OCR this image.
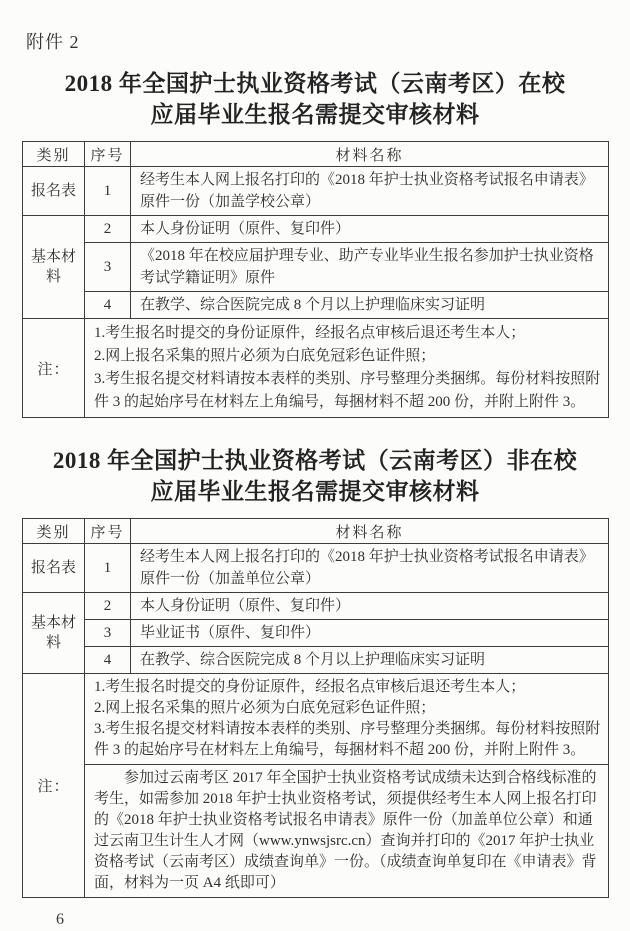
附件 2
2018 年全国护士执业资格考试（云南考区）在校
应届毕业生报名需提交审核材料
类别	序号	材料名称
报名表	1	经考生本人网上报名打印的《2018 年护士执业资格考试报名申请表》原件一份（加盖学校公章）
基本材料	2	本人身份证明（原件、复印件）
	3	《2018 年在校应届护理专业、助产专业毕业生报名参加护士执业资格考试学籍证明》原件
	4	在教学、综合医院完成 8 个月以上护理临床实习证明
注：	1.考生报名时提交的身份证原件，经报名点审核后退还考生本人；
2.网上报名采集的照片必须为白底免冠彩色证件照；
3.考生报名提交材料请按本表样的类别、序号整理分类捆绑。每份材料按照附件 3 的起始序号在材料左上角编号，每捆材料不超 200 份，并附上附件 3。	
2018 年全国护士执业资格考试（云南考区）非在校
应届毕业生报名需提交审核材料
类别	序号	材料名称
报名表	1	经考生本人网上报名打印的《2018 年护士执业资格考试报名申请表》原件一份（加盖单位公章）
基本材料	2	本人身份证明（原件、复印件）
	3	毕业证书（原件、复印件）
	4	在教学、综合医院完成 8 个月以上护理临床实习证明
注：	1.考生报名时提交的身份证原件，经报名点审核后退还考生本人；
2.网上报名采集的照片必须为白底免冠彩色证件照；
3.考生报名提交材料请按本表样的类别、序号整理分类捆绑。每份材料按照附件 3 的起始序号在材料左上角编号，每捆材料不超 200 份，并附上附件 3。	

	参加过云南考区 2017 年全国护士执业资格考试成绩未达到合格线标准的考生，如需参加 2018 年护士执业资格考试，须提供经考生本人网上报名打印的《2018 年护士执业资格考试报名申请表》原件一份（加盖单位公章）和通过云南卫生计生人才网（www.ynwsjsrc.cn）查询并打印的《2017 年护士执业资格考试（云南考区）成绩查询单》一份。（成绩查询单复印在《申请表》背面，材料为一页 A4 纸即可）	
6
